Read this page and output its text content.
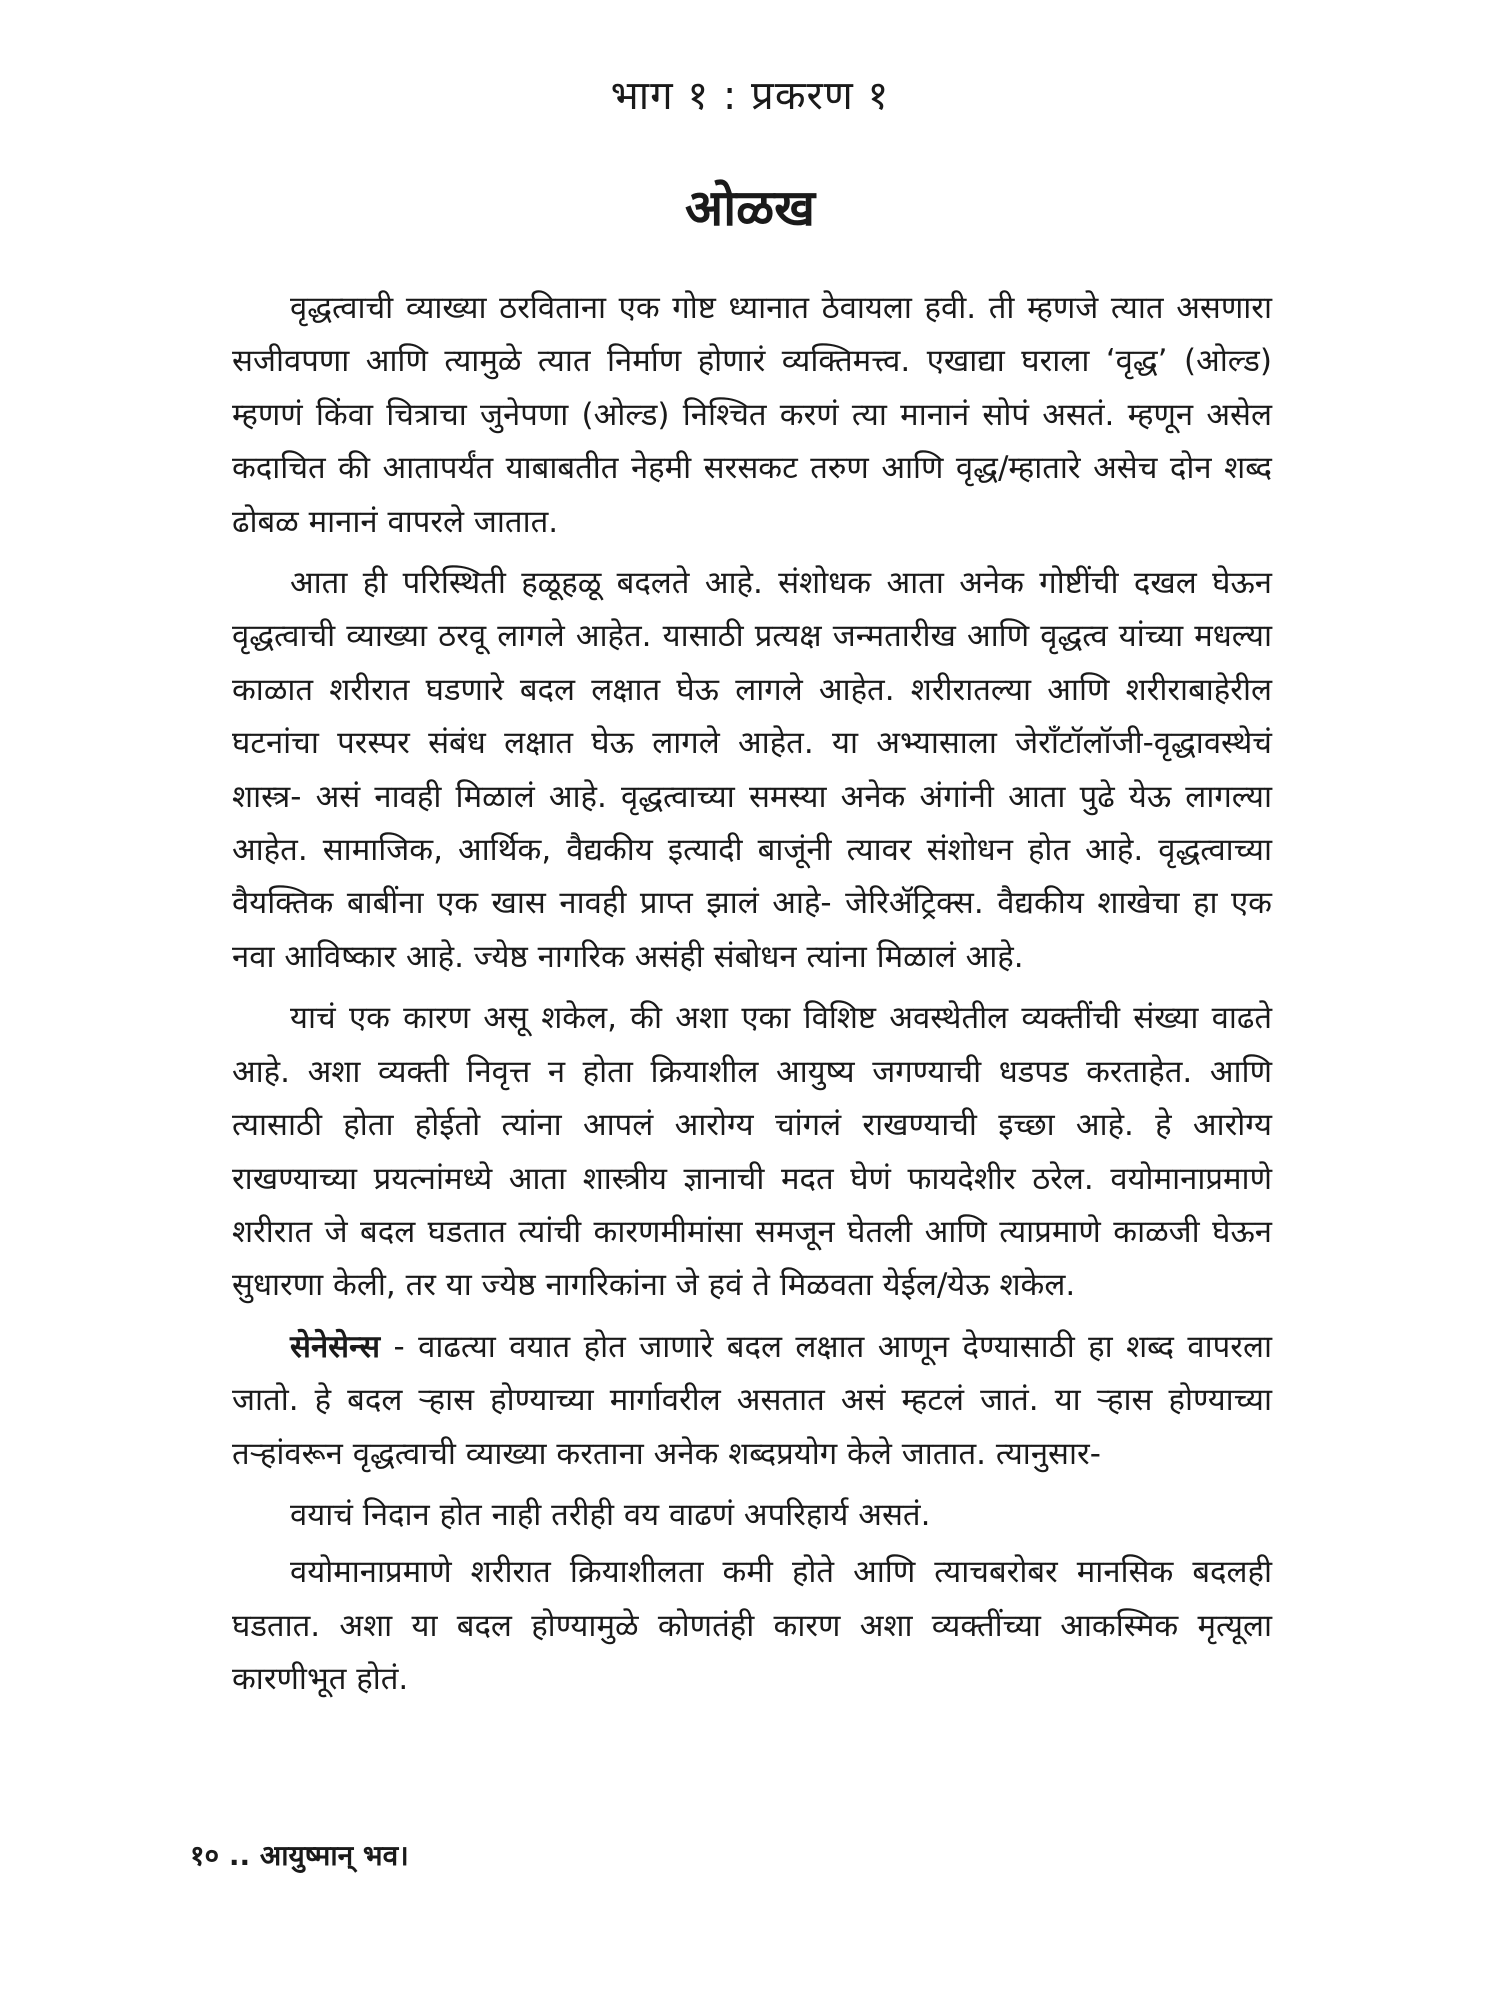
भाग १ : प्रकरण १
ओळख

वृद्धत्वाची व्याख्या ठरविताना एक गोष्ट ध्यानात ठेवायला हवी. ती म्हणजे त्यात असणारा सजीवपणा आणि त्यामुळे त्यात निर्माण होणारं व्यक्तिमत्त्व. एखाद्या घराला ‘वृद्ध’ (ओल्ड) म्हणणं किंवा चित्राचा जुनेपणा (ओल्ड) निश्चित करणं त्या मानानं सोपं असतं. म्हणून असेल कदाचित की आतापर्यंत याबाबतीत नेहमी सरसकट तरुण आणि वृद्ध/म्हातारे असेच दोन शब्द ढोबळ मानानं वापरले जातात.

आता ही परिस्थिती हळूहळू बदलते आहे. संशोधक आता अनेक गोष्टींची दखल घेऊन वृद्धत्वाची व्याख्या ठरवू लागले आहेत. यासाठी प्रत्यक्ष जन्मतारीख आणि वृद्धत्व यांच्या मधल्या काळात शरीरात घडणारे बदल लक्षात घेऊ लागले आहेत. शरीरातल्या आणि शरीराबाहेरील घटनांचा परस्पर संबंध लक्षात घेऊ लागले आहेत. या अभ्यासाला जेरॉंटॉलॉजी-वृद्धावस्थेचं शास्त्र- असं नावही मिळालं आहे. वृद्धत्वाच्या समस्या अनेक अंगांनी आता पुढे येऊ लागल्या आहेत. सामाजिक, आर्थिक, वैद्यकीय इत्यादी बाजूंनी त्यावर संशोधन होत आहे. वृद्धत्वाच्या वैयक्तिक बाबींना एक खास नावही प्राप्त झालं आहे- जेरिॲट्रिक्स. वैद्यकीय शाखेचा हा एक नवा आविष्कार आहे. ज्येष्ठ नागरिक असंही संबोधन त्यांना मिळालं आहे.

याचं एक कारण असू शकेल, की अशा एका विशिष्ट अवस्थेतील व्यक्तींची संख्या वाढते आहे. अशा व्यक्ती निवृत्त न होता क्रियाशील आयुष्य जगण्याची धडपड करताहेत. आणि त्यासाठी होता होईतो त्यांना आपलं आरोग्य चांगलं राखण्याची इच्छा आहे. हे आरोग्य राखण्याच्या प्रयत्नांमध्ये आता शास्त्रीय ज्ञानाची मदत घेणं फायदेशीर ठरेल. वयोमानाप्रमाणे शरीरात जे बदल घडतात त्यांची कारणमीमांसा समजून घेतली आणि त्याप्रमाणे काळजी घेऊन सुधारणा केली, तर या ज्येष्ठ नागरिकांना जे हवं ते मिळवता येईल/येऊ शकेल.

सेनेसेन्स - वाढत्या वयात होत जाणारे बदल लक्षात आणून देण्यासाठी हा शब्द वापरला जातो. हे बदल ऱ्हास होण्याच्या मार्गावरील असतात असं म्हटलं जातं. या ऱ्हास होण्याच्या तऱ्हांवरून वृद्धत्वाची व्याख्या करताना अनेक शब्दप्रयोग केले जातात. त्यानुसार-

वयाचं निदान होत नाही तरीही वय वाढणं अपरिहार्य असतं.

वयोमानाप्रमाणे शरीरात क्रियाशीलता कमी होते आणि त्याचबरोबर मानसिक बदलही घडतात. अशा या बदल होण्यामुळे कोणतंही कारण अशा व्यक्तींच्या आकस्मिक मृत्यूला कारणीभूत होतं.

१० .. आयुष्मान् भव।
